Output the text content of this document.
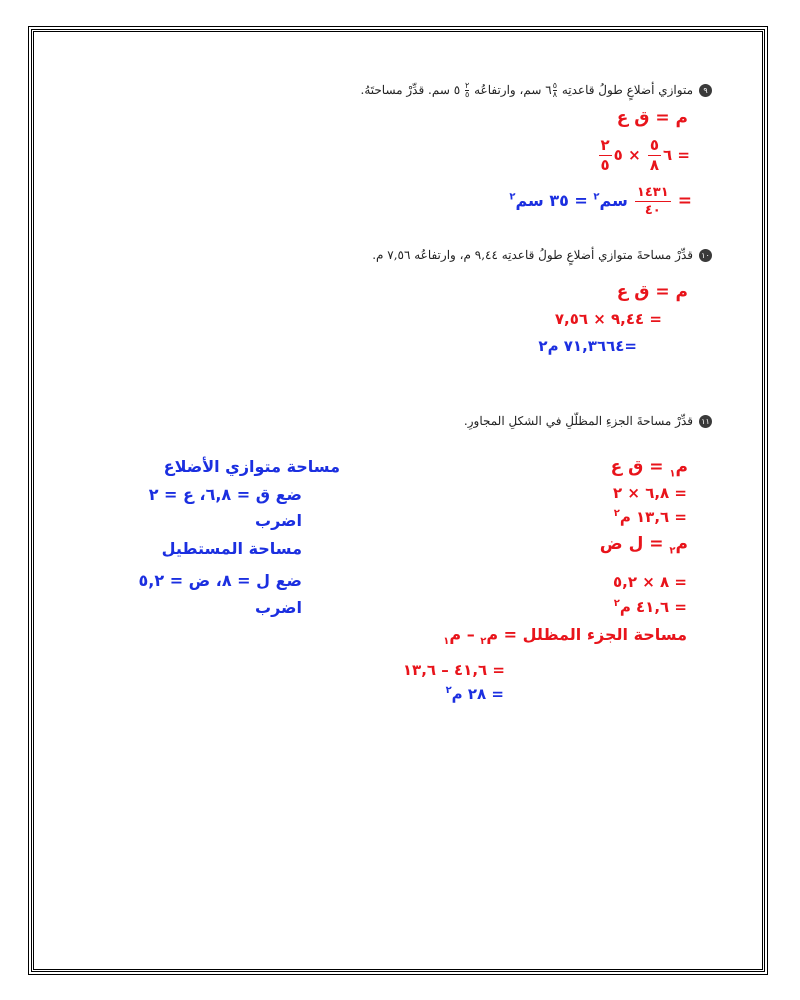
٩متوازي أضلاعٍ طولُ قاعدتِه
$\frac{٥}{٨}٦$ سم، وارتفاعُه
$\frac{٢}{٥}$ ٥ سم. قدِّرْ مساحتَهُ.
م = ق ع
= ٦
$\frac{٥}{٨}$
× ٥
$\frac{٢}{٥}$
=
$\frac{١٤٣١}{٤٠}$
سم$^٢$ = ٣٥ سم$^٢$
١٠قدِّرْ مساحةَ متوازي أضلاعٍ طولُ قاعدتِه ٩,٤٤ م، وارتفاعُه ٧,٥٦ م.
م = ق ع
= ٩,٤٤ × ٧,٥٦
=٧١,٣٦٦٤ م٢
١١قدِّرْ مساحةَ الجزءِ المظلّلِ في الشكلِ المجاورِ.
م$_١$ = ق ع
= ٦,٨ × ٢
= ١٣,٦ م$^٢$
م$_٢$ = ل ض
= ٨ × ٥,٢
= ٤١,٦ م$^٢$
مساحة الجزء المظلل = م$_٢$ – م$_١$
= ٤١,٦ – ١٣,٦
= ٢٨ م$^٢$
مساحة متوازي الأضلاع
ضع ق = ٦,٨، ع = ٢
اضرب
مساحة المستطيل
ضع ل = ٨، ض = ٥,٢
اضرب
